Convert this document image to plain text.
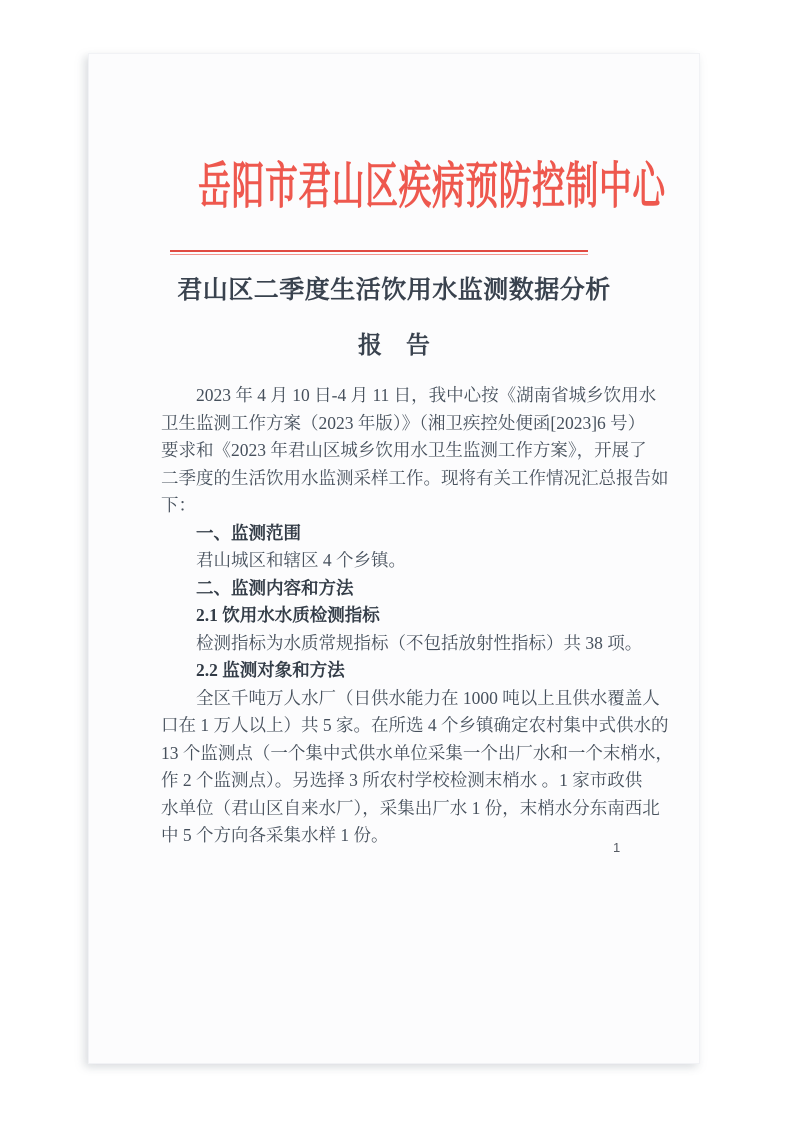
岳阳市君山区疾病预防控制中心
君山区二季度生活饮用水监测数据分析
报　告
2023 年 4 月 10 日-4 月 11 日，我中心按《湖南省城乡饮用水
卫生监测工作方案（2023 年版）》（湘卫疾控处便函[2023]6 号）
要求和《2023 年君山区城乡饮用水卫生监测工作方案》，开展了
二季度的生活饮用水监测采样工作。现将有关工作情况汇总报告如
下：
一、监测范围
君山城区和辖区 4 个乡镇。
二、监测内容和方法
2.1 饮用水水质检测指标
检测指标为水质常规指标（不包括放射性指标）共 38 项。
2.2 监测对象和方法
全区千吨万人水厂（日供水能力在 1000 吨以上且供水覆盖人
口在 1 万人以上）共 5 家。在所选 4 个乡镇确定农村集中式供水的
13 个监测点（一个集中式供水单位采集一个出厂水和一个末梢水，
作 2 个监测点）。另选择 3 所农村学校检测末梢水 。1 家市政供
水单位（君山区自来水厂），采集出厂水 1 份，末梢水分东南西北
中 5 个方向各采集水样 1 份。
1
